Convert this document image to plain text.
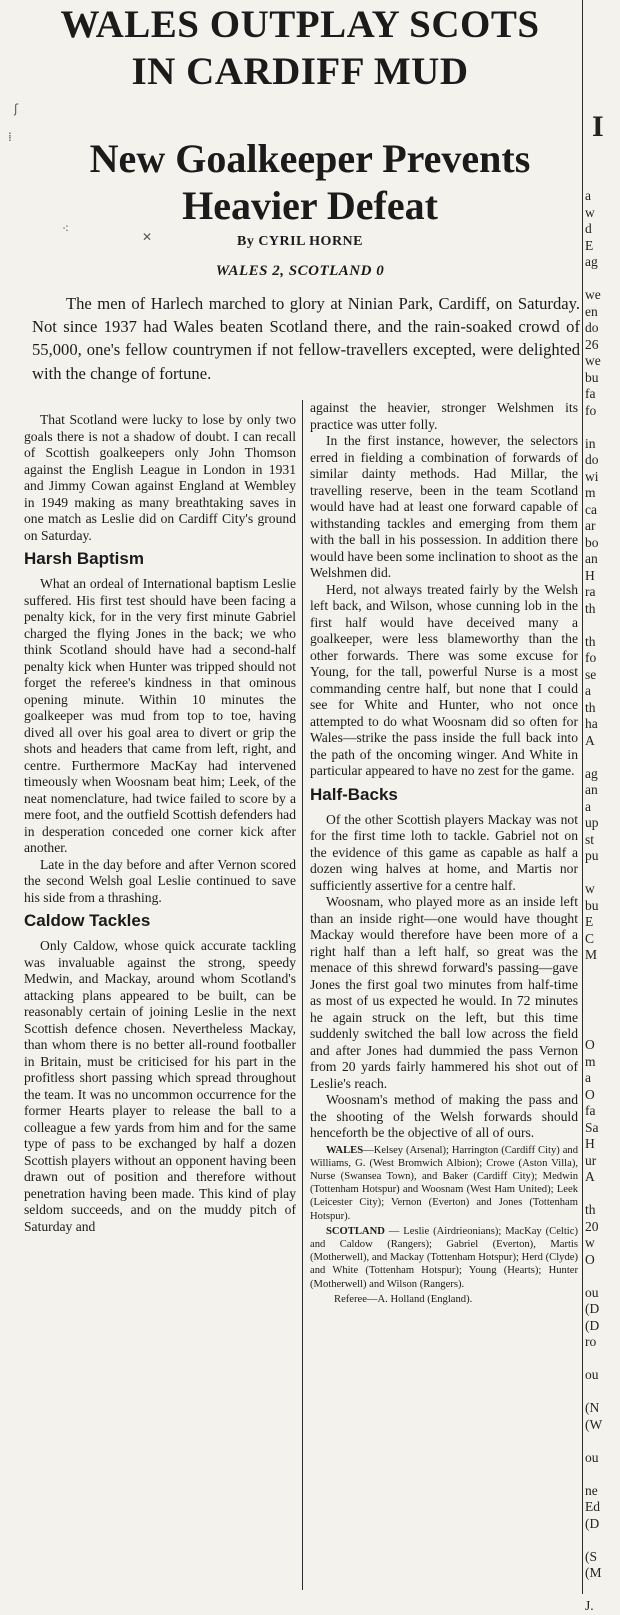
WALES OUTPLAY SCOTS
IN CARDIFF MUD
New Goalkeeper Prevents
Heavier Defeat
By CYRIL HORNE
WALES 2, SCOTLAND 0
The men of Harlech marched to glory at Ninian Park, Cardiff, on Saturday. Not since 1937 had Wales beaten Scotland there, and the rain-soaked crowd of 55,000, one's fellow countrymen if not fellow-travellers excepted, were delighted with the change of fortune.

That Scotland were lucky to lose by only two goals there is not a shadow of doubt. I can recall of Scottish goalkeepers only John Thomson against the English League in London in 1931 and Jimmy Cowan against England at Wembley in 1949 making as many breathtaking saves in one match as Leslie did on Cardiff City's ground on Saturday.

Harsh Baptism

What an ordeal of International baptism Leslie suffered. His first test should have been facing a penalty kick, for in the very first minute Gabriel charged the flying Jones in the back; we who think Scotland should have had a second-half penalty kick when Hunter was tripped should not forget the referee's kindness in that ominous opening minute. Within 10 minutes the goalkeeper was mud from top to toe, having dived all over his goal area to divert or grip the shots and headers that came from left, right, and centre. Furthermore MacKay had intervened timeously when Woosnam beat him; Leek, of the neat nomenclature, had twice failed to score by a mere foot, and the outfield Scottish defenders had in desperation conceded one corner kick after another.

Late in the day before and after Vernon scored the second Welsh goal Leslie continued to save his side from a thrashing.

Caldow Tackles

Only Caldow, whose quick accurate tackling was invaluable against the strong, speedy Medwin, and Mackay, around whom Scotland's attacking plans appeared to be built, can be reasonably certain of joining Leslie in the next Scottish defence chosen. Nevertheless Mackay, than whom there is no better all-round footballer in Britain, must be criticised for his part in the profitless short passing which spread throughout the team. It was no uncommon occurrence for the former Hearts player to release the ball to a colleague a few yards from him and for the same type of pass to be exchanged by half a dozen Scottish players without an opponent having been drawn out of position and therefore without penetration having been made. This kind of play seldom succeeds, and on the muddy pitch of Saturday and

against the heavier, stronger Welshmen its practice was utter folly.

In the first instance, however, the selectors erred in fielding a combination of forwards of similar dainty methods. Had Millar, the travelling reserve, been in the team Scotland would have had at least one forward capable of withstanding tackles and emerging from them with the ball in his possession. In addition there would have been some inclination to shoot as the Welshmen did.

Herd, not always treated fairly by the Welsh left back, and Wilson, whose cunning lob in the first half would have deceived many a goalkeeper, were less blameworthy than the other forwards. There was some excuse for Young, for the tall, powerful Nurse is a most commanding centre half, but none that I could see for White and Hunter, who not once attempted to do what Woosnam did so often for Wales—strike the pass inside the full back into the path of the oncoming winger. And White in particular appeared to have no zest for the game.

Half-Backs

Of the other Scottish players Mackay was not for the first time loth to tackle. Gabriel not on the evidence of this game as capable as half a dozen wing halves at home, and Martis nor sufficiently assertive for a centre half.

Woosnam, who played more as an inside left than an inside right—one would have thought Mackay would therefore have been more of a right half than a left half, so great was the menace of this shrewd forward's passing—gave Jones the first goal two minutes from half-time as most of us expected he would. In 72 minutes he again struck on the left, but this time suddenly switched the ball low across the field and after Jones had dummied the pass Vernon from 20 yards fairly hammered his shot out of Leslie's reach.

Woosnam's method of making the pass and the shooting of the Welsh forwards should henceforth be the objective of all of ours.

WALES—Kelsey (Arsenal); Harrington (Cardiff City) and Williams, G. (West Bromwich Albion); Crowe (Aston Villa), Nurse (Swansea Town), and Baker (Cardiff City); Medwin (Tottenham Hotspur) and Woosnam (West Ham United); Leek (Leicester City); Vernon (Everton) and Jones (Tottenham Hotspur).

SCOTLAND — Leslie (Airdrieonians); MacKay (Celtic) and Caldow (Rangers); Gabriel (Everton), Martis (Motherwell), and Mackay (Tottenham Hotspur); Herd (Clyde) and White (Tottenham Hotspur); Young (Hearts); Hunter (Motherwell) and Wilson (Rangers).

Referee—A. Holland (England).

I
a
w
d
E
ag
we
en
do
26
we
bu
fa
fo
in
do
wi
m
ca
ar
bo
an
H
ra
th
th
fo
se
a
th
ha
A
ag
an
a
up
st
pu
w
bu
E
C
M
O
m
a
O
fa
Sa
H
ur
A
th
20
w
O
ou
(D
(D
ro
ou
(N
(W
ou
ne
Ed
(D
(S
(M
J.
ʃ
⁞
⁖
✕
